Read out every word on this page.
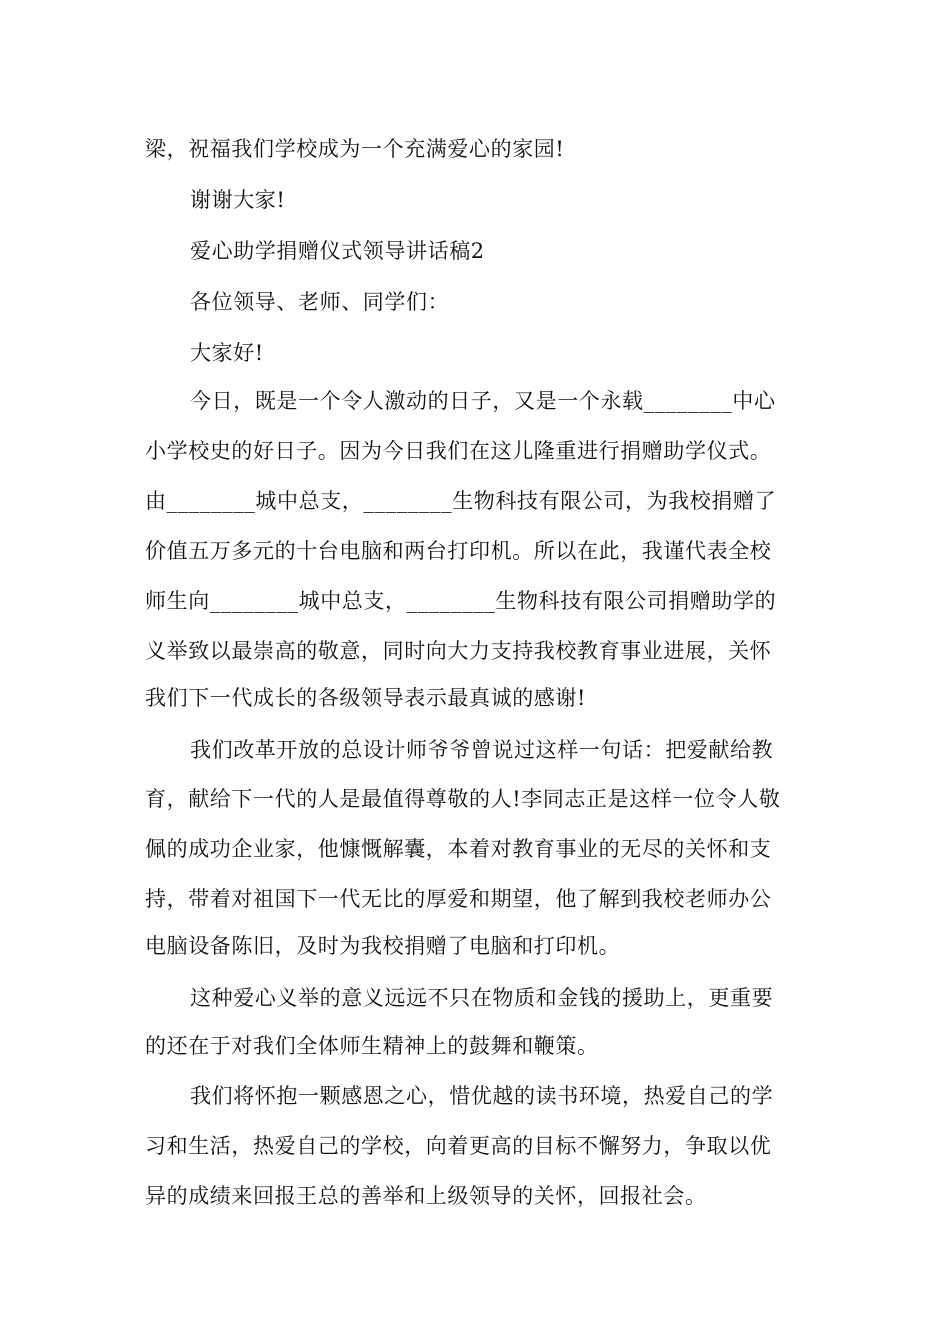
梁，祝福我们学校成为一个充满爱心的家园!
谢谢大家!
爱心助学捐赠仪式领导讲话稿2
各位领导、老师、同学们：
大家好!
今日，既是一个令人激动的日子，又是一个永载________中心
小学校史的好日子。因为今日我们在这儿隆重进行捐赠助学仪式。
由________城中总支，________生物科技有限公司，为我校捐赠了
价值五万多元的十台电脑和两台打印机。所以在此，我谨代表全校
师生向________城中总支，________生物科技有限公司捐赠助学的
义举致以最崇高的敬意，同时向大力支持我校教育事业进展，关怀
我们下一代成长的各级领导表示最真诚的感谢!
我们改革开放的总设计师爷爷曾说过这样一句话：把爱献给教
育，献给下一代的人是最值得尊敬的人!李同志正是这样一位令人敬
佩的成功企业家，他慷慨解囊，本着对教育事业的无尽的关怀和支
持，带着对祖国下一代无比的厚爱和期望，他了解到我校老师办公
电脑设备陈旧，及时为我校捐赠了电脑和打印机。
这种爱心义举的意义远远不只在物质和金钱的援助上，更重要
的还在于对我们全体师生精神上的鼓舞和鞭策。
我们将怀抱一颗感恩之心，惜优越的读书环境，热爱自己的学
习和生活，热爱自己的学校，向着更高的目标不懈努力，争取以优
异的成绩来回报王总的善举和上级领导的关怀，回报社会。
